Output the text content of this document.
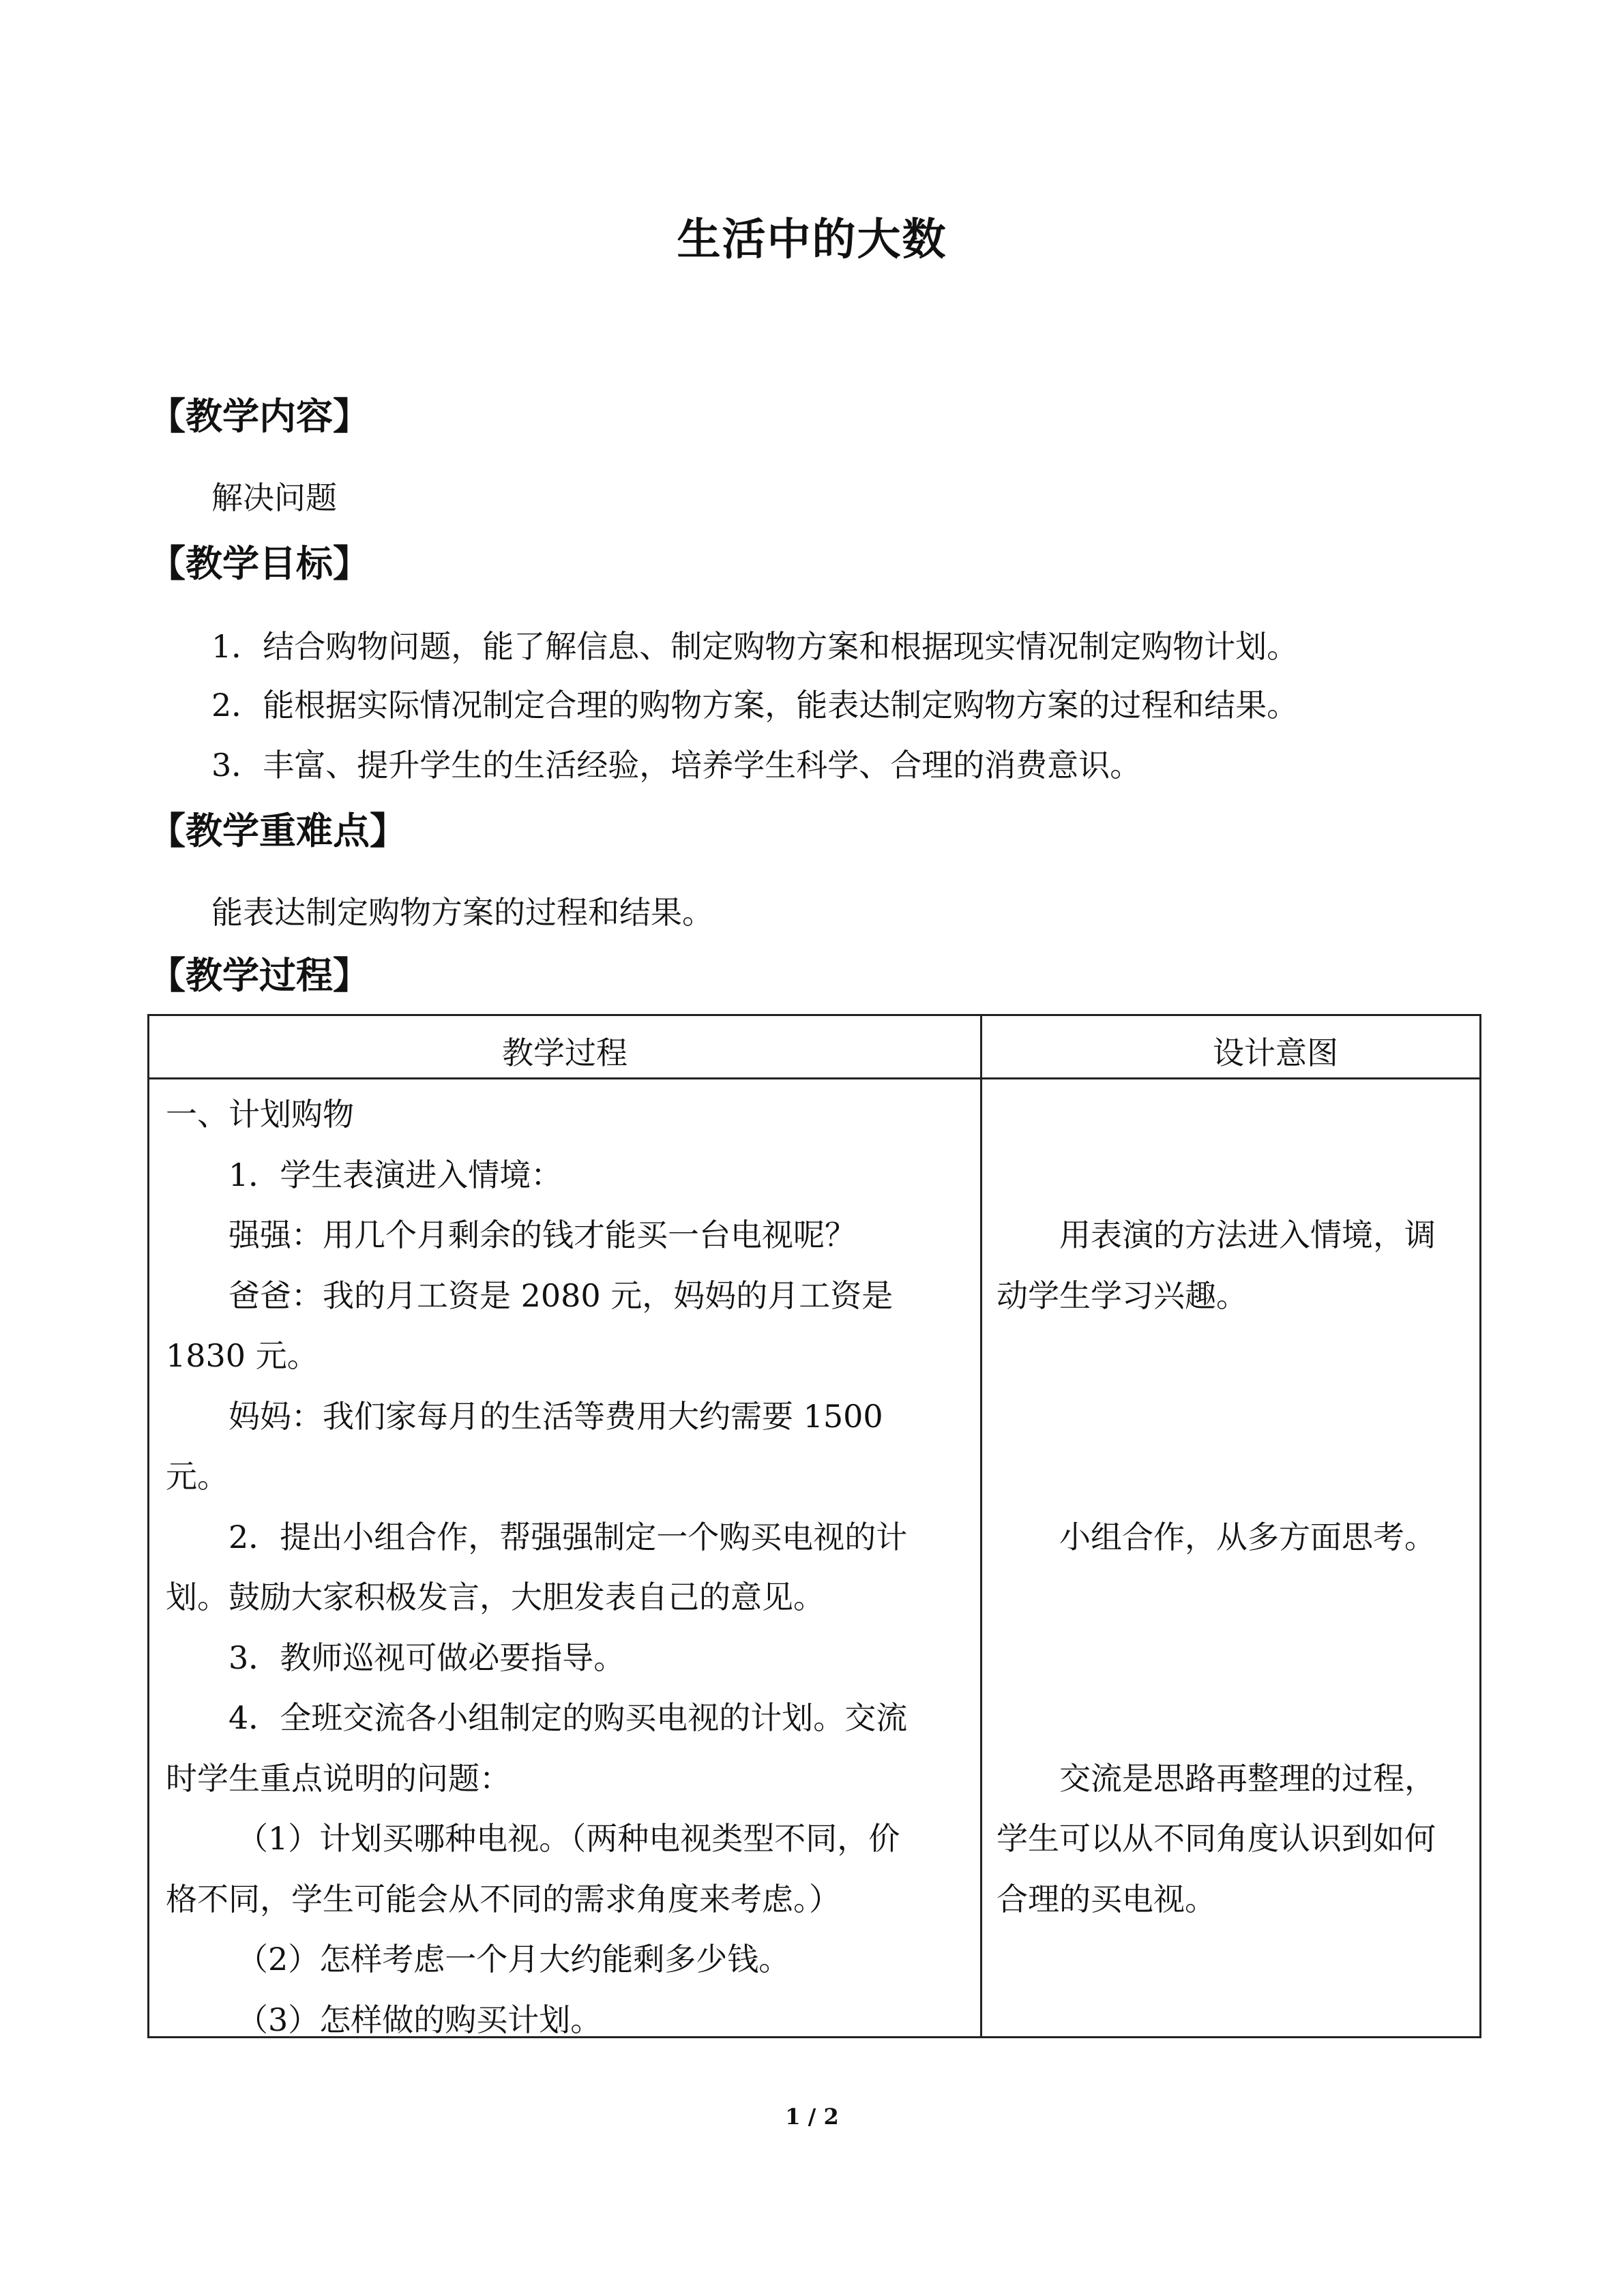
生活中的大数
【教学内容】
解决问题
【教学目标】
1．结合购物问题，能了解信息、制定购物方案和根据现实情况制定购物计划。
2．能根据实际情况制定合理的购物方案，能表达制定购物方案的过程和结果。
3．丰富、提升学生的生活经验，培养学生科学、合理的消费意识。
【教学重难点】
能表达制定购物方案的过程和结果。
【教学过程】
教学过程	设计意图
一、计划购物
1．学生表演进入情境：
强强：用几个月剩余的钱才能买一台电视呢？
爸爸：我的月工资是 2080 元，妈妈的月工资是
1830 元。
妈妈：我们家每月的生活等费用大约需要 1500
元。
2．提出小组合作，帮强强制定一个购买电视的计
划。鼓励大家积极发言，大胆发表自己的意见。
3．教师巡视可做必要指导。
4．全班交流各小组制定的购买电视的计划。交流
时学生重点说明的问题：
（1）计划买哪种电视。（两种电视类型不同，价
格不同，学生可能会从不同的需求角度来考虑。）
（2）怎样考虑一个月大约能剩多少钱。
（3）怎样做的购买计划。
用表演的方法进入情境，调
动学生学习兴趣。
小组合作，从多方面思考。
交流是思路再整理的过程，
学生可以从不同角度认识到如何
合理的买电视。
1 / 2
